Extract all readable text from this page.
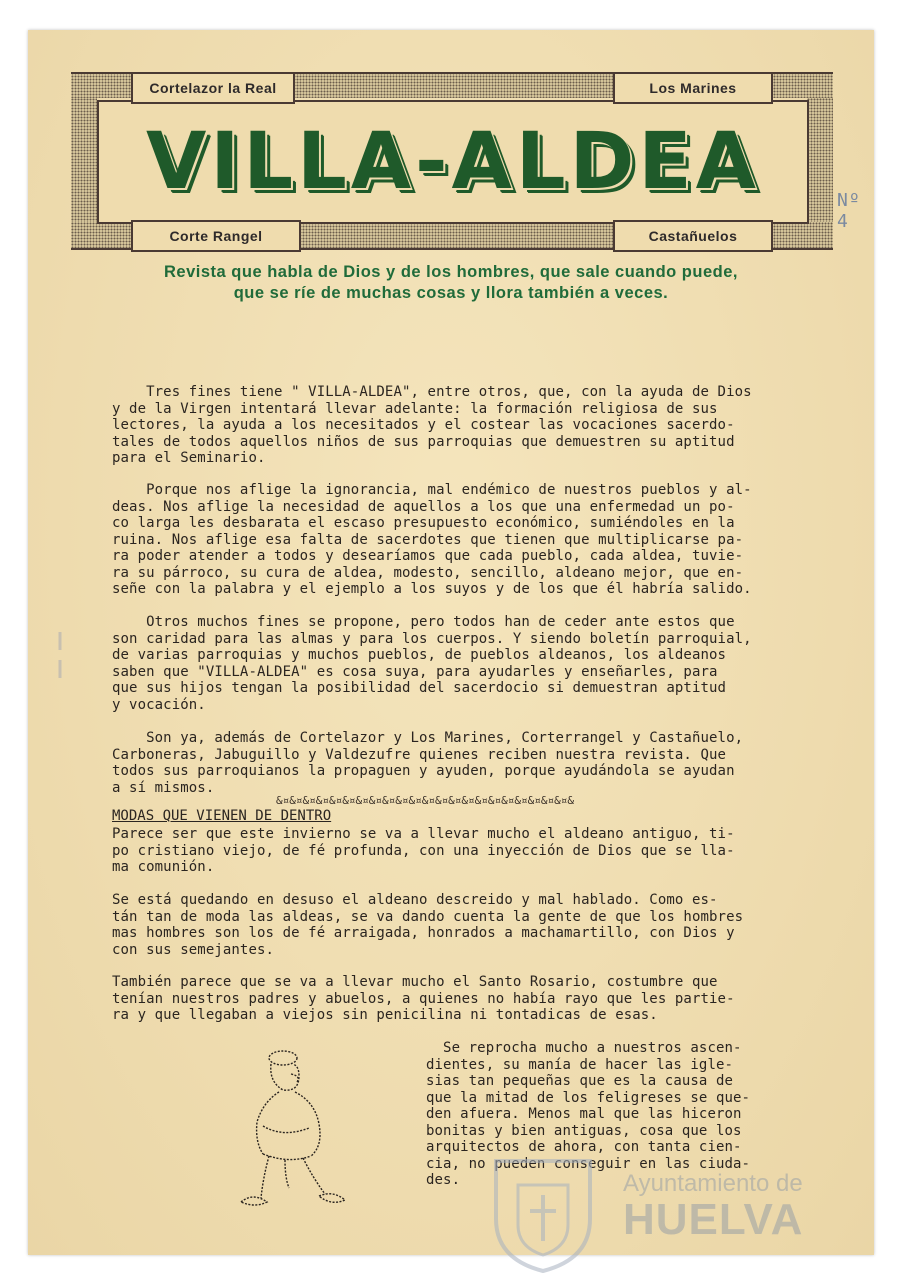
VILLA-ALDEA
Cortelazor la Real	Los Marines
Corte Rangel	Castañuelos
Nº 4
Revista que habla de Dios y de los hombres, que sale cuando puede,
que se ríe de muchas cosas y llora también a veces.
Tres fines tiene " VILLA-ALDEA", entre otros, que, con la ayuda de Dios
y de la Virgen intentará llevar adelante: la formación religiosa de sus
lectores, la ayuda a los necesitados y el costear las vocaciones sacerdo-
tales de todos aquellos niños de sus parroquias que demuestren su aptitud
para el Seminario.
Porque nos aflige la ignorancia, mal endémico de nuestros pueblos y al-
deas. Nos aflige la necesidad de aquellos a los que una enfermedad un po-
co larga les desbarata el escaso presupuesto económico, sumiéndoles en la
ruina. Nos aflige esa falta de sacerdotes que tienen que multiplicarse pa-
ra poder atender a todos y desearíamos que cada pueblo, cada aldea, tuvie-
ra su párroco, su cura de aldea, modesto, sencillo, aldeano mejor, que en-
señe con la palabra y el ejemplo a los suyos y de los que él habría salido.
Otros muchos fines se propone, pero todos han de ceder ante estos que
son caridad para las almas y para los cuerpos. Y siendo boletín parroquial,
de varias parroquias y muchos pueblos, de pueblos aldeanos, los aldeanos
saben que "VILLA-ALDEA" es cosa suya, para ayudarles y enseñarles, para
que sus hijos tengan la posibilidad del sacerdocio si demuestran aptitud
y vocación.
Son ya, además de Cortelazor y Los Marines, Corterrangel y Castañuelo,
Carboneras, Jabuguillo y Valdezufre quienes reciben nuestra revista. Que
todos sus parroquianos la propaguen y ayuden, porque ayudándola se ayudan
a sí mismos.
&¤&¤&¤&¤&¤&¤&¤&¤&¤&¤&¤&¤&¤&¤&¤&¤&¤&¤&¤&¤&¤&¤&
MODAS QUE VIENEN DE DENTRO
Parece ser que este invierno se va a llevar mucho el aldeano antiguo, ti-
po cristiano viejo, de fé profunda, con una inyección de Dios que se lla-
ma comunión.
Se está quedando en desuso el aldeano descreido y mal hablado. Como es-
tán tan de moda las aldeas, se va dando cuenta la gente de que los hombres
mas hombres son los de fé arraigada, honrados a machamartillo, con Dios y
con sus semejantes.
También parece que se va a llevar mucho el Santo Rosario, costumbre que
tenían nuestros padres y abuelos, a quienes no había rayo que les partie-
ra y que llegaban a viejos sin penicilina ni tontadicas de esas.
Se reprocha mucho a nuestros ascen-
dientes, su manía de hacer las igle-
sias tan pequeñas que es la causa de
que la mitad de los feligreses se que-
den afuera. Menos mal que las hiceron
bonitas y bien antiguas, cosa que los
arquitectos de ahora, con tanta cien-
cia, no pueden conseguir en las ciuda-
des.	Ayuntamiento de
HUELVA
